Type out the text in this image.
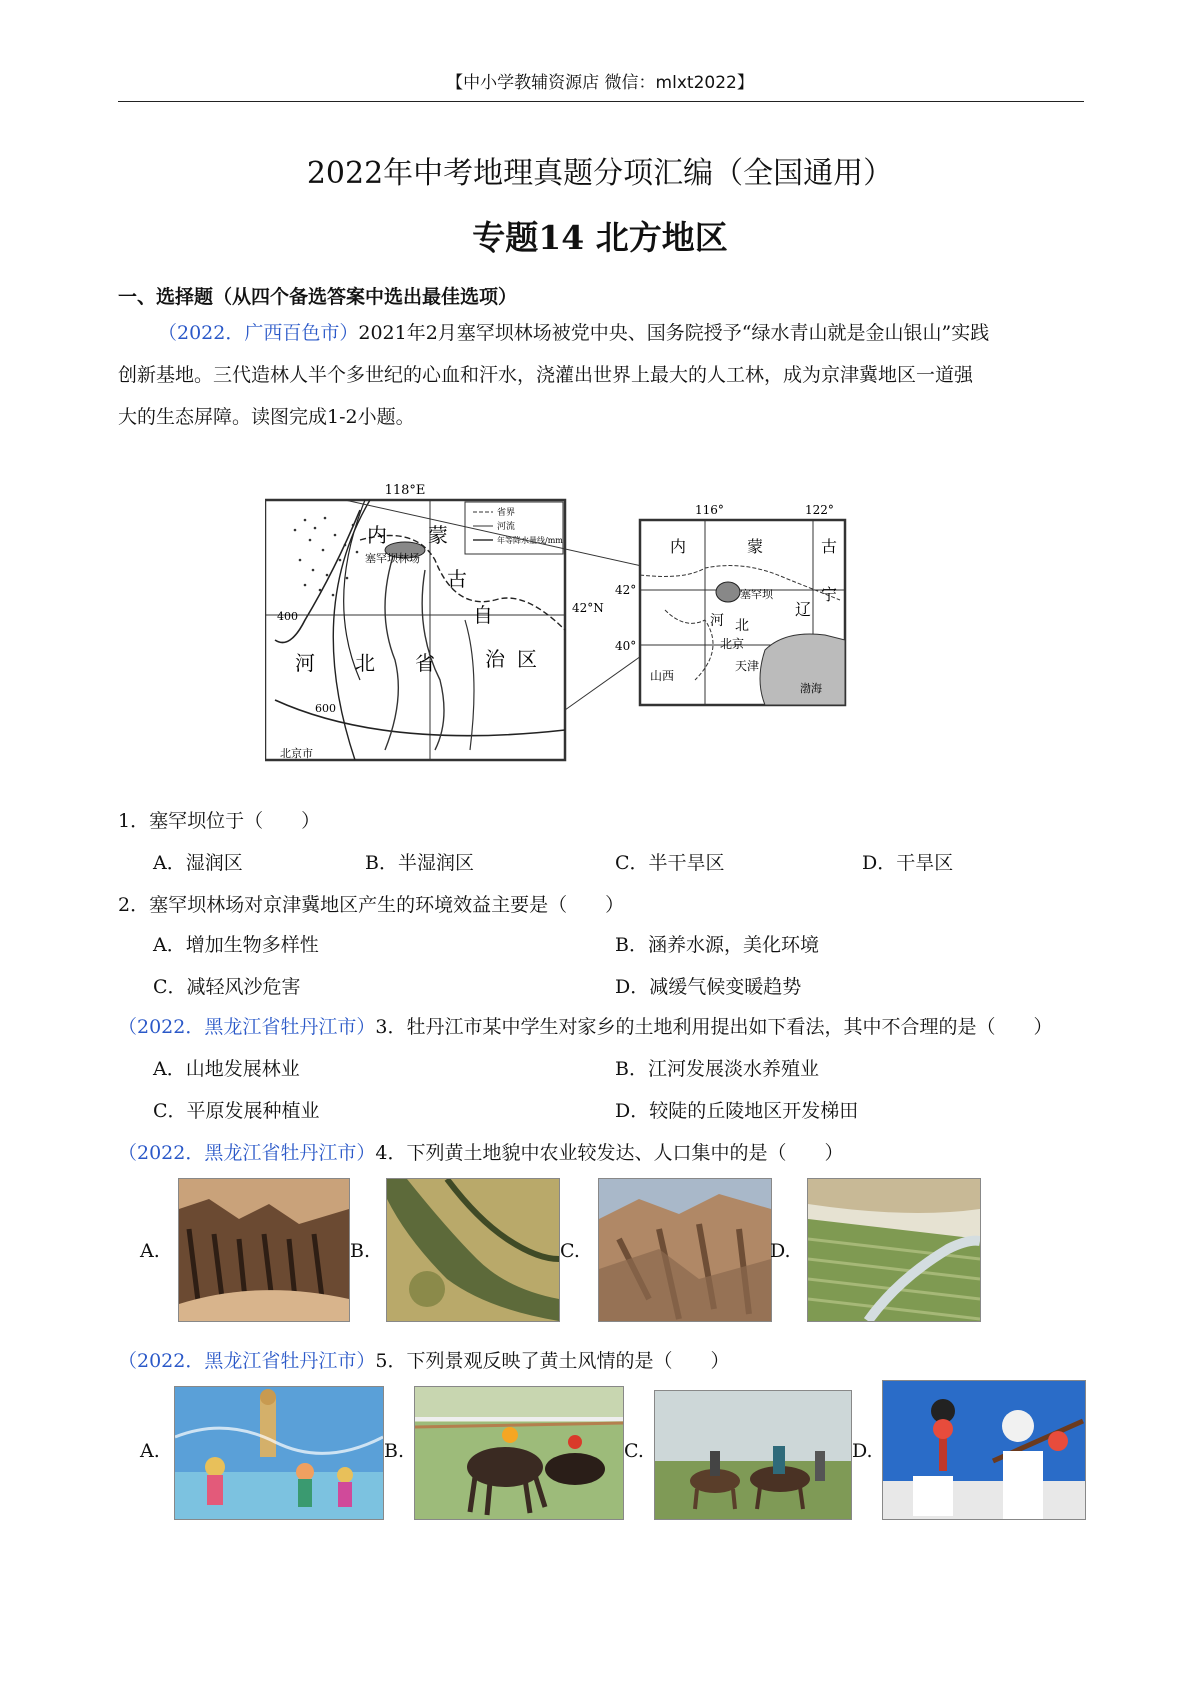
【中小学教辅资源店 微信：mlxt2022】
2022年中考地理真题分项汇编（全国通用）
专题14 北方地区
一、选择题（从四个备选答案中选出最佳选项）
（2022．广西百色市）2021年2月塞罕坝林场被党中央、国务院授予“绿水青山就是金山银山”实践
创新基地。三代造林人半个多世纪的心血和汗水，浇灌出世界上最大的人工林，成为京津冀地区一道强
大的生态屏障。读图完成1-2小题。
118°E
42°N
内 蒙
古
自
治 区
河 北 省
塞罕坝林场
北京市
400
600
省界
河流
年等降水量线/mm
116°	122°
42°
40°
内	蒙	古
塞罕坝
辽
宁
河 北
北京
天津
山西
渤海
1．塞罕坝位于（　　）
A．湿润区	B．半湿润区	C．半干旱区	D．干旱区
2．塞罕坝林场对京津冀地区产生的环境效益主要是（　　）
A．增加生物多样性	B．涵养水源，美化环境
C．减轻风沙危害	D．减缓气候变暖趋势
（2022．黑龙江省牡丹江市）3．牡丹江市某中学生对家乡的土地利用提出如下看法，其中不合理的是（　　）
A．山地发展林业	B．江河发展淡水养殖业
C．平原发展种植业	D．较陡的丘陵地区开发梯田
（2022．黑龙江省牡丹江市）4．下列黄土地貌中农业较发达、人口集中的是（　　）
A.	B.	C.	D.
（2022．黑龙江省牡丹江市）5．下列景观反映了黄土风情的是（　　）
A.	B.	C.	D.
